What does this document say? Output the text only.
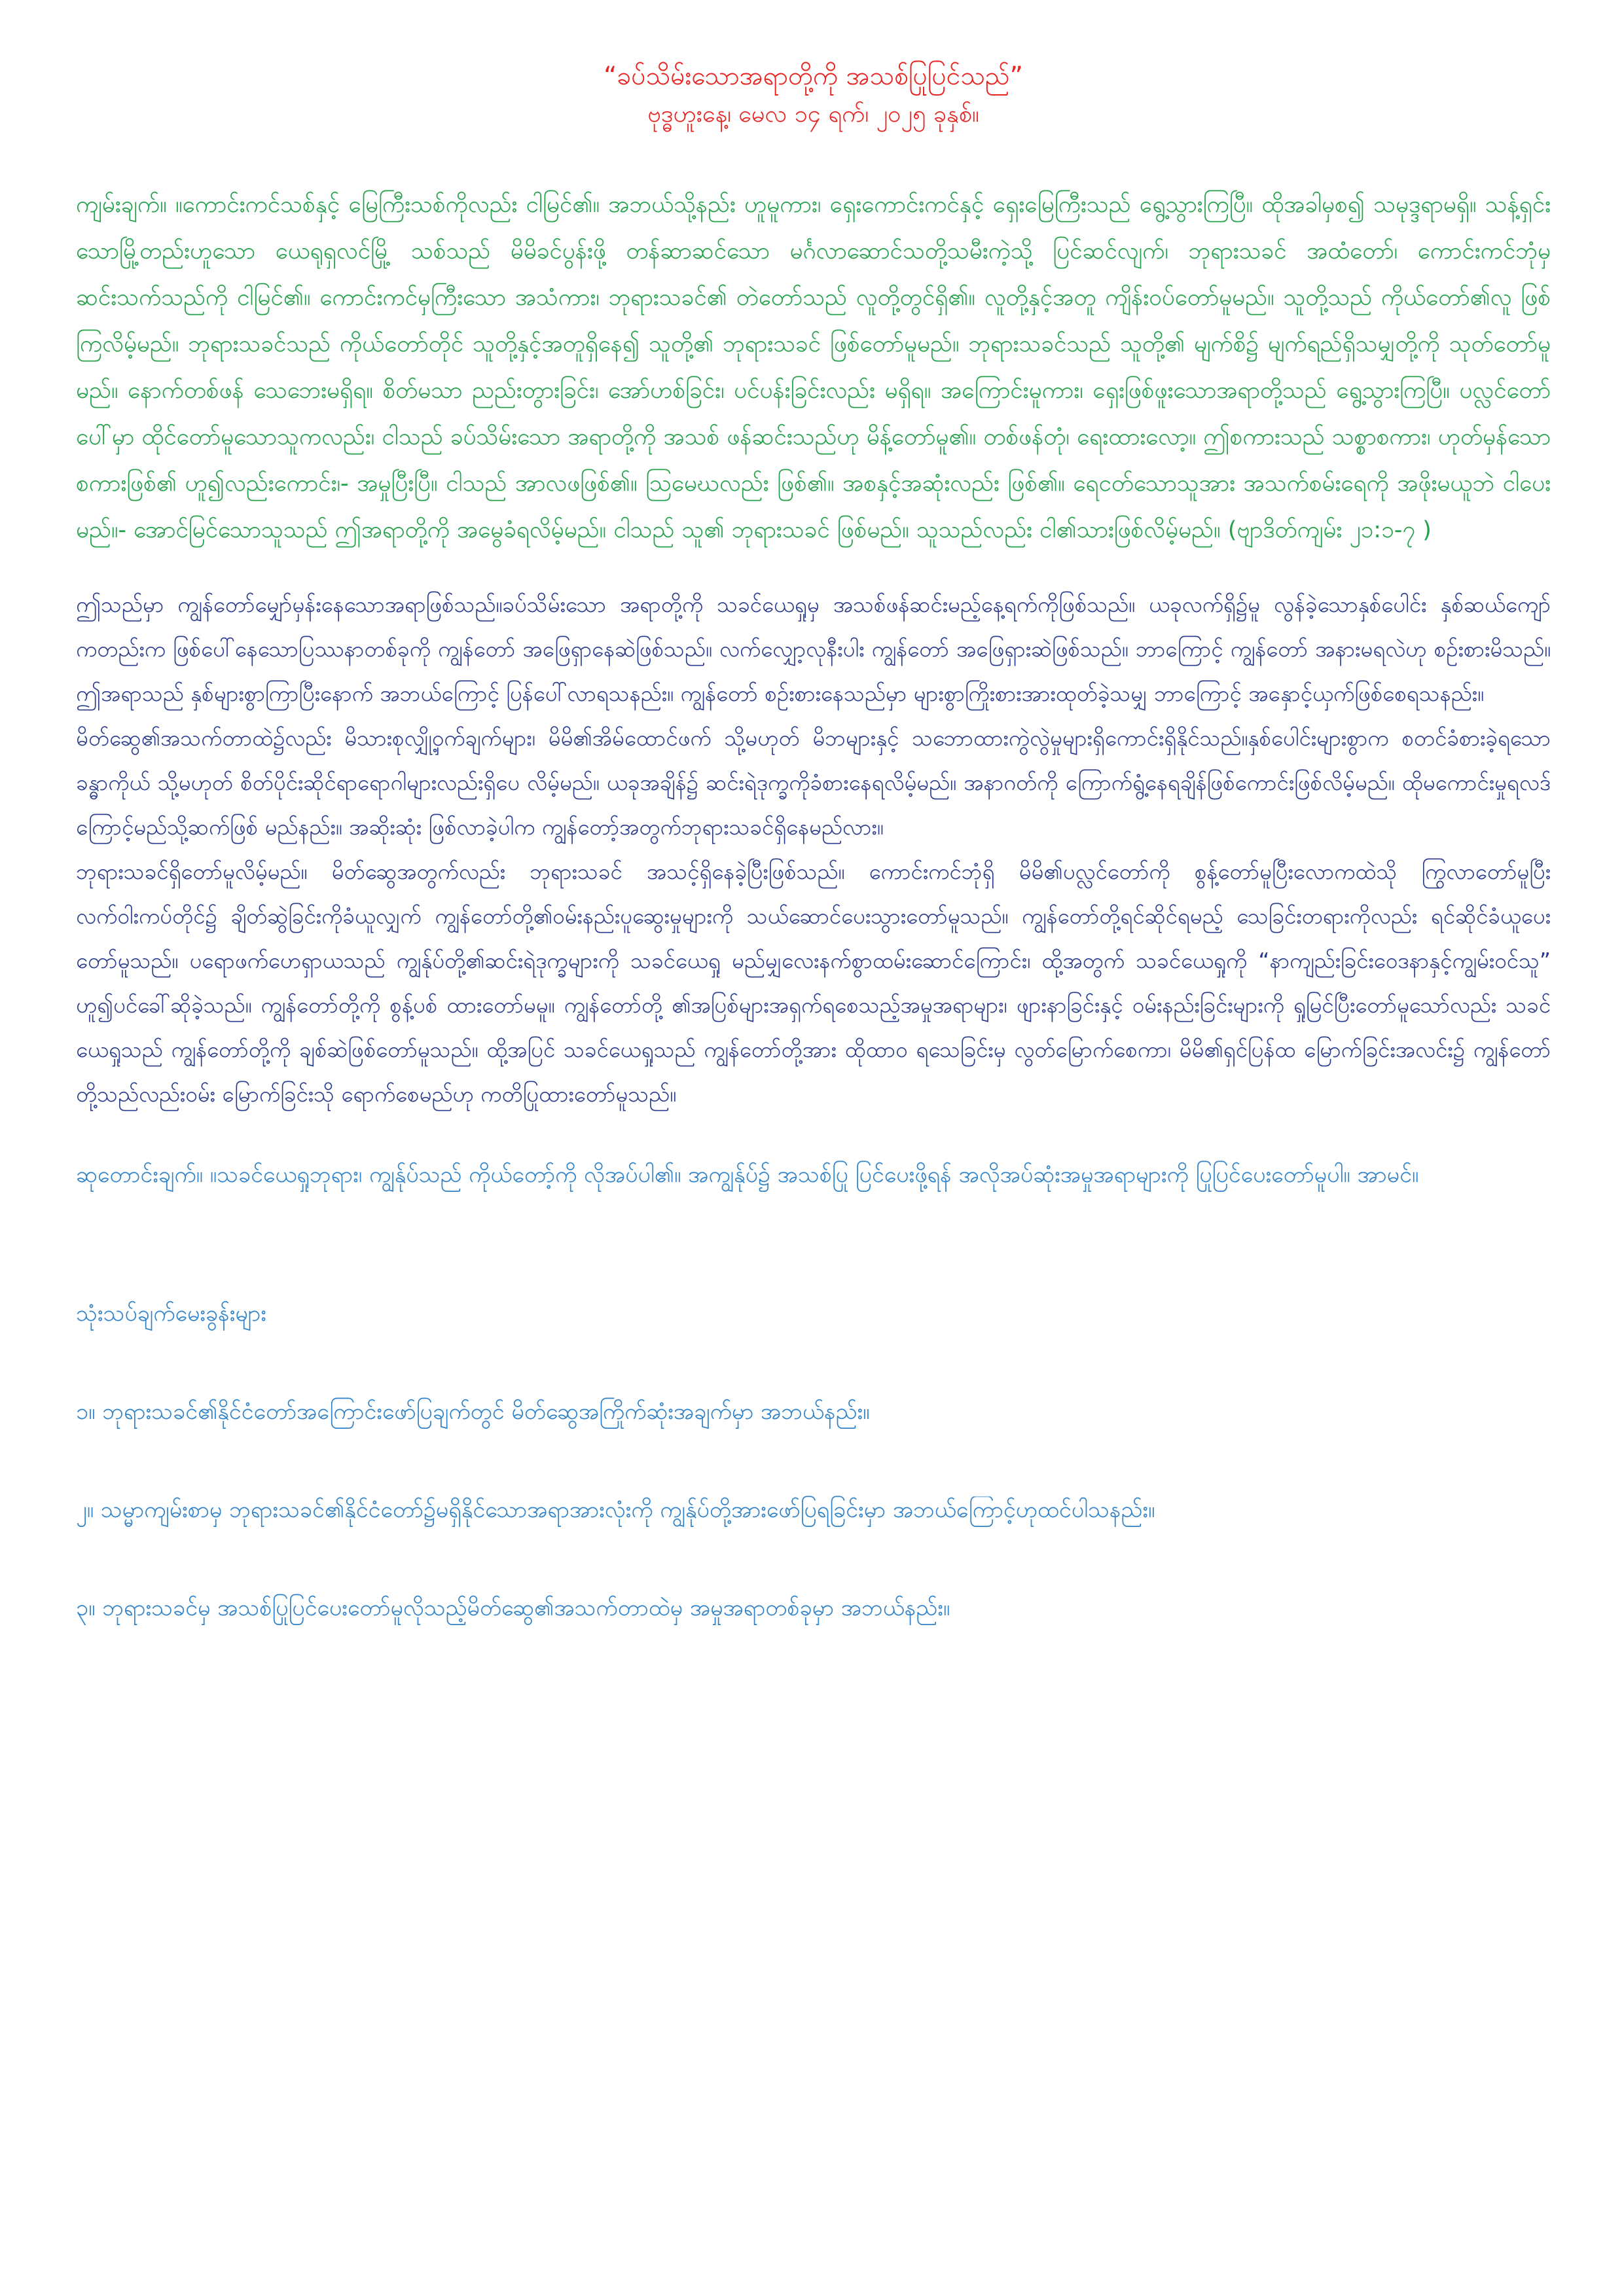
“ခပ်သိမ်းသောအရာတို့ကို အသစ်ပြုပြင်သည်”

ဗုဒ္ဓဟူးနေ့၊ မေလ ၁၄ ရက်၊ ၂၀၂၅ ခုနှစ်။

ကျမ်းချက်။ ။ကောင်းကင်သစ်နှင့် မြေကြီးသစ်ကိုလည်း ငါမြင်၏။ အဘယ်သို့နည်း ဟူမူကား၊ ရှေးကောင်းကင်နှင့် ရှေးမြေကြီးသည် ရွေ့သွားကြပြီ။ ထိုအခါမှစ၍ သမုဒ္ဒရာမရှိ။ သန့်ရှင်းသောမြို့တည်းဟူသော ယေရုရှလင်မြို့ သစ်သည် မိမိခင်ပွန်းဖို့ တန်ဆာဆင်သော မင်္ဂလာဆောင်သတို့သမီးကဲ့သို့ ပြင်ဆင်လျက်၊ ဘုရားသခင် အထံတော်၊ ကောင်းကင်ဘုံမှ ဆင်းသက်သည်ကို ငါမြင်၏။ ကောင်းကင်မှကြီးသော အသံကား၊ ဘုရားသခင်၏ တဲတော်သည် လူတို့တွင်ရှိ၏။ လူတို့နှင့်အတူ ကျိန်းဝပ်တော်မူမည်။ သူတို့သည် ကိုယ်တော်၏လူ ဖြစ်ကြလိမ့်မည်။ ဘုရားသခင်သည် ကိုယ်တော်တိုင် သူတို့နှင့်အတူရှိနေ၍ သူတို့၏ ဘုရားသခင် ဖြစ်တော်မူမည်။ ဘုရားသခင်သည် သူတို့၏ မျက်စိ၌ မျက်ရည်ရှိသမျှတို့ကို သုတ်တော်မူမည်။ နောက်တစ်ဖန် သေဘေးမရှိရ။ စိတ်မသာ ညည်းတွားခြင်း၊ အော်ဟစ်ခြင်း၊ ပင်ပန်းခြင်းလည်း မရှိရ။ အကြောင်းမူကား၊ ရှေးဖြစ်ဖူးသောအရာတို့သည် ရွေ့သွားကြပြီ။ ပလ္လင်တော်ပေါ်မှာ ထိုင်တော်မူသောသူကလည်း၊ ငါသည် ခပ်သိမ်းသော အရာတို့ကို အသစ် ဖန်ဆင်းသည်ဟု မိန့်တော်မူ၏။ တစ်ဖန်တုံ၊ ရေးထားလော့။ ဤစကားသည် သစ္စာစကား၊ ဟုတ်မှန်သောစကားဖြစ်၏ ဟူ၍လည်းကောင်း၊- အမှုပြီးပြီ။ ငါသည် အာလဖဖြစ်၏။ ဩမေဃလည်း ဖြစ်၏။ အစနှင့်အဆုံးလည်း ဖြစ်၏။ ရေငတ်သောသူအား အသက်စမ်းရေကို အဖိုးမယူဘဲ ငါပေးမည်။- အောင်မြင်သောသူသည် ဤအရာတို့ကို အမွေခံရလိမ့်မည်။ ငါသည် သူ၏ ဘုရားသခင် ဖြစ်မည်။ သူသည်လည်း ငါ၏သားဖြစ်လိမ့်မည်။ (ဗျာဒိတ်ကျမ်း ၂၁:၁-၇ )

ဤသည်မှာ ကျွန်တော်မျှော်မှန်းနေသောအရာဖြစ်သည်။ခပ်သိမ်းသော အရာတို့ကို သခင်ယေရှုမှ အသစ်ဖန်ဆင်းမည့်နေ့ရက်ကိုဖြစ်သည်။ ယခုလက်ရှိ၌မူ လွန်ခဲ့သောနှစ်ပေါင်း နှစ်ဆယ်ကျော်ကတည်းက ဖြစ်ပေါ်နေသောပြဿနာတစ်ခုကို ကျွန်တော် အဖြေရှာနေဆဲဖြစ်သည်။ လက်လျှော့လုနီးပါး ကျွန်တော် အဖြေရှားဆဲဖြစ်သည်။ ဘာကြောင့် ကျွန်တော် အနားမရလဲဟု စဉ်းစားမိသည်။ ဤအရာသည် နှစ်များစွာကြာပြီးနောက် အဘယ်ကြောင့် ပြန်ပေါ်လာရသနည်း။ ကျွန်တော် စဉ်းစားနေသည်မှာ များစွာကြိုးစားအားထုတ်ခဲ့သမျှ ဘာကြောင့် အနှောင့်ယှက်ဖြစ်စေရသနည်း။

မိတ်ဆွေ၏အသက်တာထဲ၌လည်း မိသားစုလျှို့ဝှက်ချက်များ၊ မိမိ၏အိမ်ထောင်ဖက် သို့မဟုတ် မိဘများနှင့် သဘောထားကွဲလွဲမှုများရှိကောင်းရှိနိုင်သည်။နှစ်ပေါင်းများစွာက စတင်ခံစားခဲ့ရသော ခန္ဓာကိုယ် သို့မဟုတ် စိတ်ပိုင်းဆိုင်ရာရောဂါများလည်းရှိပေ လိမ့်မည်။ ယခုအချိန်၌ ဆင်းရဲဒုက္ခကိုခံစားနေရလိမ့်မည်။ အနာဂတ်ကို ကြောက်ရွံ့နေရချိန်ဖြစ်ကောင်းဖြစ်လိမ့်မည်။ ထိုမကောင်းမှုရလဒ်ကြောင့်မည်သို့ဆက်ဖြစ် မည်နည်း။ အဆိုးဆုံး ဖြစ်လာခဲ့ပါက ကျွန်တော့်အတွက်ဘုရားသခင်ရှိနေမည်လား။

ဘုရားသခင်ရှိတော်မူလိမ့်မည်။ မိတ်ဆွေအတွက်လည်း ဘုရားသခင် အသင့်ရှိနေခဲ့ပြီးဖြစ်သည်။ ကောင်းကင်ဘုံရှိ မိမိ၏ပလ္လင်တော်ကို စွန့်တော်မူပြီးလောကထဲသို ကြွလာတော်မူပြီး လက်ဝါးကပ်တိုင်၌ ချိတ်ဆွဲခြင်းကိုခံယူလျှက် ကျွန်တော်တို့၏ဝမ်းနည်းပူဆွေးမှုများကို သယ်ဆောင်ပေးသွားတော်မူသည်။ ကျွန်တော်တို့ရင်ဆိုင်ရမည့် သေခြင်းတရားကိုလည်း ရင်ဆိုင်ခံယူပေးတော်မူသည်။ ပရောဖက်ဟေရှာယသည် ကျွန်ုပ်တို့၏ဆင်းရဲဒုက္ခများကို သခင်ယေရှု မည်မျှလေးနက်စွာထမ်းဆောင်ကြောင်း၊ ထို့အတွက် သခင်ယေရှုကို “နာကျည်းခြင်းဝေဒနာနှင့်ကျွမ်းဝင်သူ” ဟူ၍ပင်ခေါ်ဆိုခဲ့သည်။ ကျွန်တော်တို့ကို စွန့်ပစ် ထားတော်မမူ။ ကျွန်တော်တို့ ၏အပြစ်များအရှက်ရစေသည့်အမှုအရာများ၊ ဖျားနာခြင်းနှင့် ဝမ်းနည်းခြင်းများကို ရှုမြင်ပြီးတော်မူသော်လည်း သခင်ယေရှုသည် ကျွန်တော်တို့ကို ချစ်ဆဲဖြစ်တော်မူသည်။ ထို့အပြင် သခင်ယေရှုသည် ကျွန်တော်တို့အား ထိုထာဝ ရသေခြင်းမှ လွတ်မြောက်စေကာ၊ မိမိ၏ရှင်ပြန်ထ မြောက်ခြင်းအလင်း၌ ကျွန်တော်တို့သည်လည်းဝမ်း မြောက်ခြင်းသို ရောက်စေမည်ဟု ကတိပြုထားတော်မူသည်။

ဆုတောင်းချက်။ ။သခင်ယေရှုဘုရား၊ ကျွန်ုပ်သည် ကိုယ်တော့်ကို လိုအပ်ပါ၏။ အကျွန်ုပ်၌ အသစ်ပြု ပြင်ပေးဖို့ရန် အလိုအပ်ဆုံးအမှုအရာများကို ပြုပြင်ပေးတော်မူပါ။ အာမင်။

သုံးသပ်ချက်မေးခွန်းများ

၁။ ဘုရားသခင်၏နိုင်ငံတော်အကြောင်းဖော်ပြချက်တွင် မိတ်ဆွေအကြိုက်ဆုံးအချက်မှာ အဘယ်နည်း။

၂။ သမ္မာကျမ်းစာမှ ဘုရားသခင်၏နိုင်ငံတော်၌မရှိနိုင်သောအရာအားလုံးကို ကျွန်ုပ်တို့အားဖော်ပြရခြင်းမှာ အဘယ်ကြောင့်ဟုထင်ပါသနည်း။

၃။ ဘုရားသခင်မှ အသစ်ပြုပြင်ပေးတော်မူလိုသည့်မိတ်ဆွေ၏အသက်တာထဲမှ အမှုအရာတစ်ခုမှာ အဘယ်နည်း။
